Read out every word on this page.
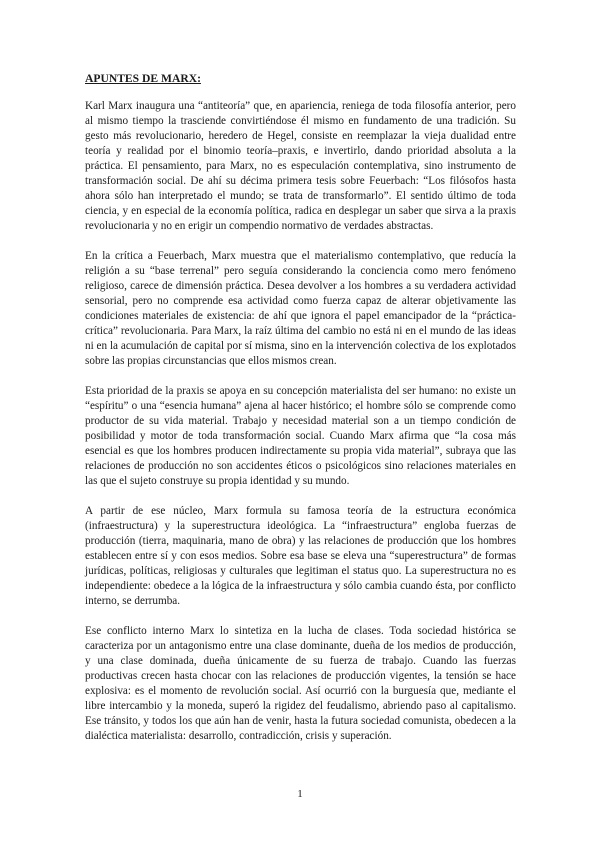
APUNTES DE MARX:

Karl Marx inaugura una “antiteoría” que, en apariencia, reniega de toda filosofía anterior, pero al mismo tiempo la trasciende convirtiéndose él mismo en fundamento de una tradición. Su gesto más revolucionario, heredero de Hegel, consiste en reemplazar la vieja dualidad entre teoría y realidad por el binomio teoría–praxis, e invertirlo, dando prioridad absoluta a la práctica. El pensamiento, para Marx, no es especulación contemplativa, sino instrumento de transformación social. De ahí su décima primera tesis sobre Feuerbach: “Los filósofos hasta ahora sólo han interpretado el mundo; se trata de transformarlo”. El sentido último de toda ciencia, y en especial de la economía política, radica en desplegar un saber que sirva a la praxis revolucionaria y no en erigir un compendio normativo de verdades abstractas.

En la crítica a Feuerbach, Marx muestra que el materialismo contemplativo, que reducía la religión a su “base terrenal” pero seguía considerando la conciencia como mero fenómeno religioso, carece de dimensión práctica. Desea devolver a los hombres a su verdadera actividad sensorial, pero no comprende esa actividad como fuerza capaz de alterar objetivamente las condiciones materiales de existencia: de ahí que ignora el papel emancipador de la “práctica-crítica” revolucionaria. Para Marx, la raíz última del cambio no está ni en el mundo de las ideas ni en la acumulación de capital por sí misma, sino en la intervención colectiva de los explotados sobre las propias circunstancias que ellos mismos crean.

Esta prioridad de la praxis se apoya en su concepción materialista del ser humano: no existe un “espíritu” o una “esencia humana” ajena al hacer histórico; el hombre sólo se comprende como productor de su vida material. Trabajo y necesidad material son a un tiempo condición de posibilidad y motor de toda transformación social. Cuando Marx afirma que “la cosa más esencial es que los hombres producen indirectamente su propia vida material”, subraya que las relaciones de producción no son accidentes éticos o psicológicos sino relaciones materiales en las que el sujeto construye su propia identidad y su mundo.

A partir de ese núcleo, Marx formula su famosa teoría de la estructura económica (infraestructura) y la superestructura ideológica. La “infraestructura” engloba fuerzas de producción (tierra, maquinaria, mano de obra) y las relaciones de producción que los hombres establecen entre sí y con esos medios. Sobre esa base se eleva una “superestructura” de formas jurídicas, políticas, religiosas y culturales que legitiman el status quo. La superestructura no es independiente: obedece a la lógica de la infraestructura y sólo cambia cuando ésta, por conflicto interno, se derrumba.

Ese conflicto interno Marx lo sintetiza en la lucha de clases. Toda sociedad histórica se caracteriza por un antagonismo entre una clase dominante, dueña de los medios de producción, y una clase dominada, dueña únicamente de su fuerza de trabajo. Cuando las fuerzas productivas crecen hasta chocar con las relaciones de producción vigentes, la tensión se hace explosiva: es el momento de revolución social. Así ocurrió con la burguesía que, mediante el libre intercambio y la moneda, superó la rigidez del feudalismo, abriendo paso al capitalismo. Ese tránsito, y todos los que aún han de venir, hasta la futura sociedad comunista, obedecen a la dialéctica materialista: desarrollo, contradicción, crisis y superación.

1
